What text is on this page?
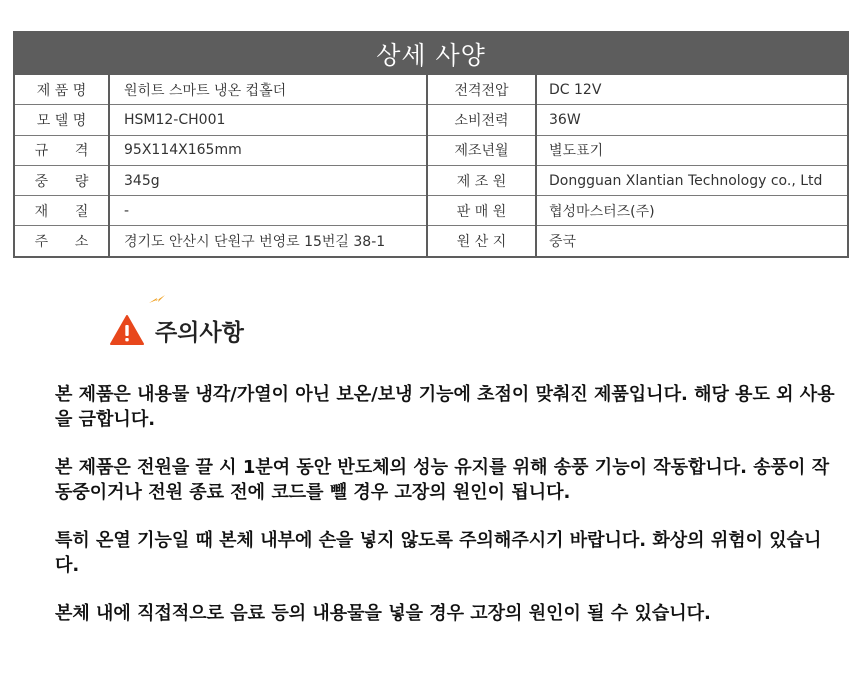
상세 사양
제 품 명	원히트 스마트 냉온 컵홀더	전격전압	DC 12V
모 델 명	HSM12-CH001	소비전력	36W
규      격	95X114X165mm	제조년월	별도표기
중      량	345g	제 조 원	Dongguan Xlantian Technology co., Ltd
재      질	-	판 매 원	협성마스터즈(주)
주      소	경기도 안산시 단원구 번영로 15번길 38-1	원 산 지	중국
주의사항

본 제품은 내용물 냉각/가열이 아닌 보온/보냉 기능에 초점이 맞춰진 제품입니다. 해당 용도 외 사용을 금합니다.

본 제품은 전원을 끌 시 1분여 동안 반도체의 성능 유지를 위해 송풍 기능이 작동합니다. 송풍이 작동중이거나 전원 종료 전에 코드를 뺄 경우 고장의 원인이 됩니다.

특히 온열 기능일 때 본체 내부에 손을 넣지 않도록 주의해주시기 바랍니다. 화상의 위험이 있습니다.

본체 내에 직접적으로 음료 등의 내용물을 넣을 경우 고장의 원인이 될 수 있습니다.
